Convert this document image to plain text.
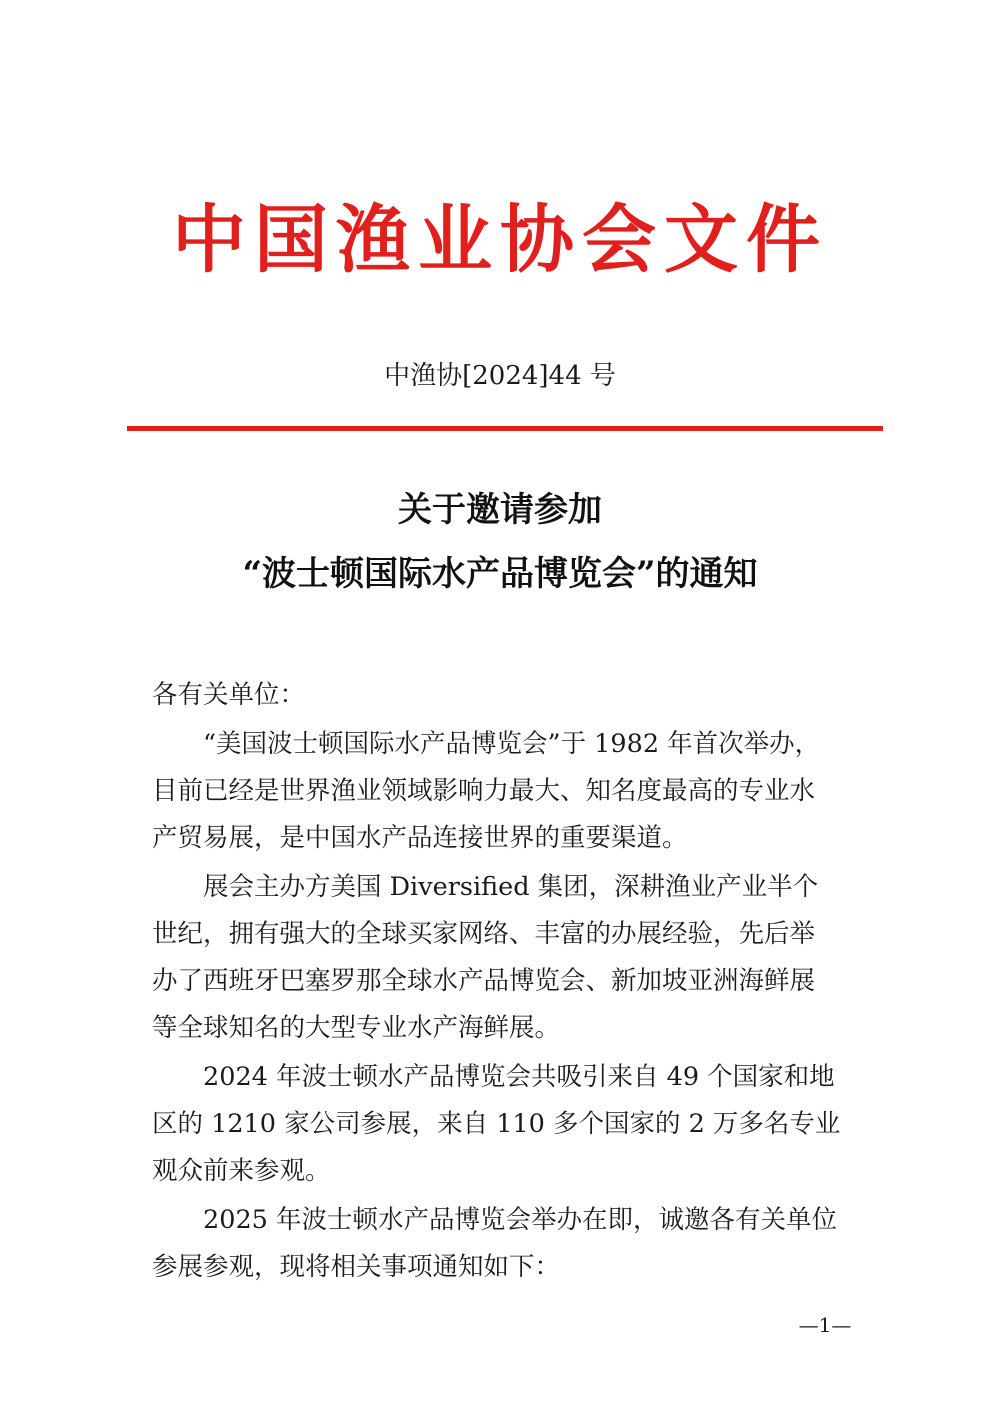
中国渔业协会文件
中渔协[2024]44 号
关于邀请参加
“波士顿国际水产品博览会”的通知
各有关单位：
　　“美国波士顿国际水产品博览会”于 1982 年首次举办，
目前已经是世界渔业领域影响力最大、知名度最高的专业水
产贸易展，是中国水产品连接世界的重要渠道。
　　展会主办方美国 Diversified 集团，深耕渔业产业半个
世纪，拥有强大的全球买家网络、丰富的办展经验，先后举
办了西班牙巴塞罗那全球水产品博览会、新加坡亚洲海鲜展
等全球知名的大型专业水产海鲜展。
　　2024 年波士顿水产品博览会共吸引来自 49 个国家和地
区的 1210 家公司参展，来自 110 多个国家的 2 万多名专业
观众前来参观。
　　2025 年波士顿水产品博览会举办在即，诚邀各有关单位
参展参观，现将相关事项通知如下：
—1—
